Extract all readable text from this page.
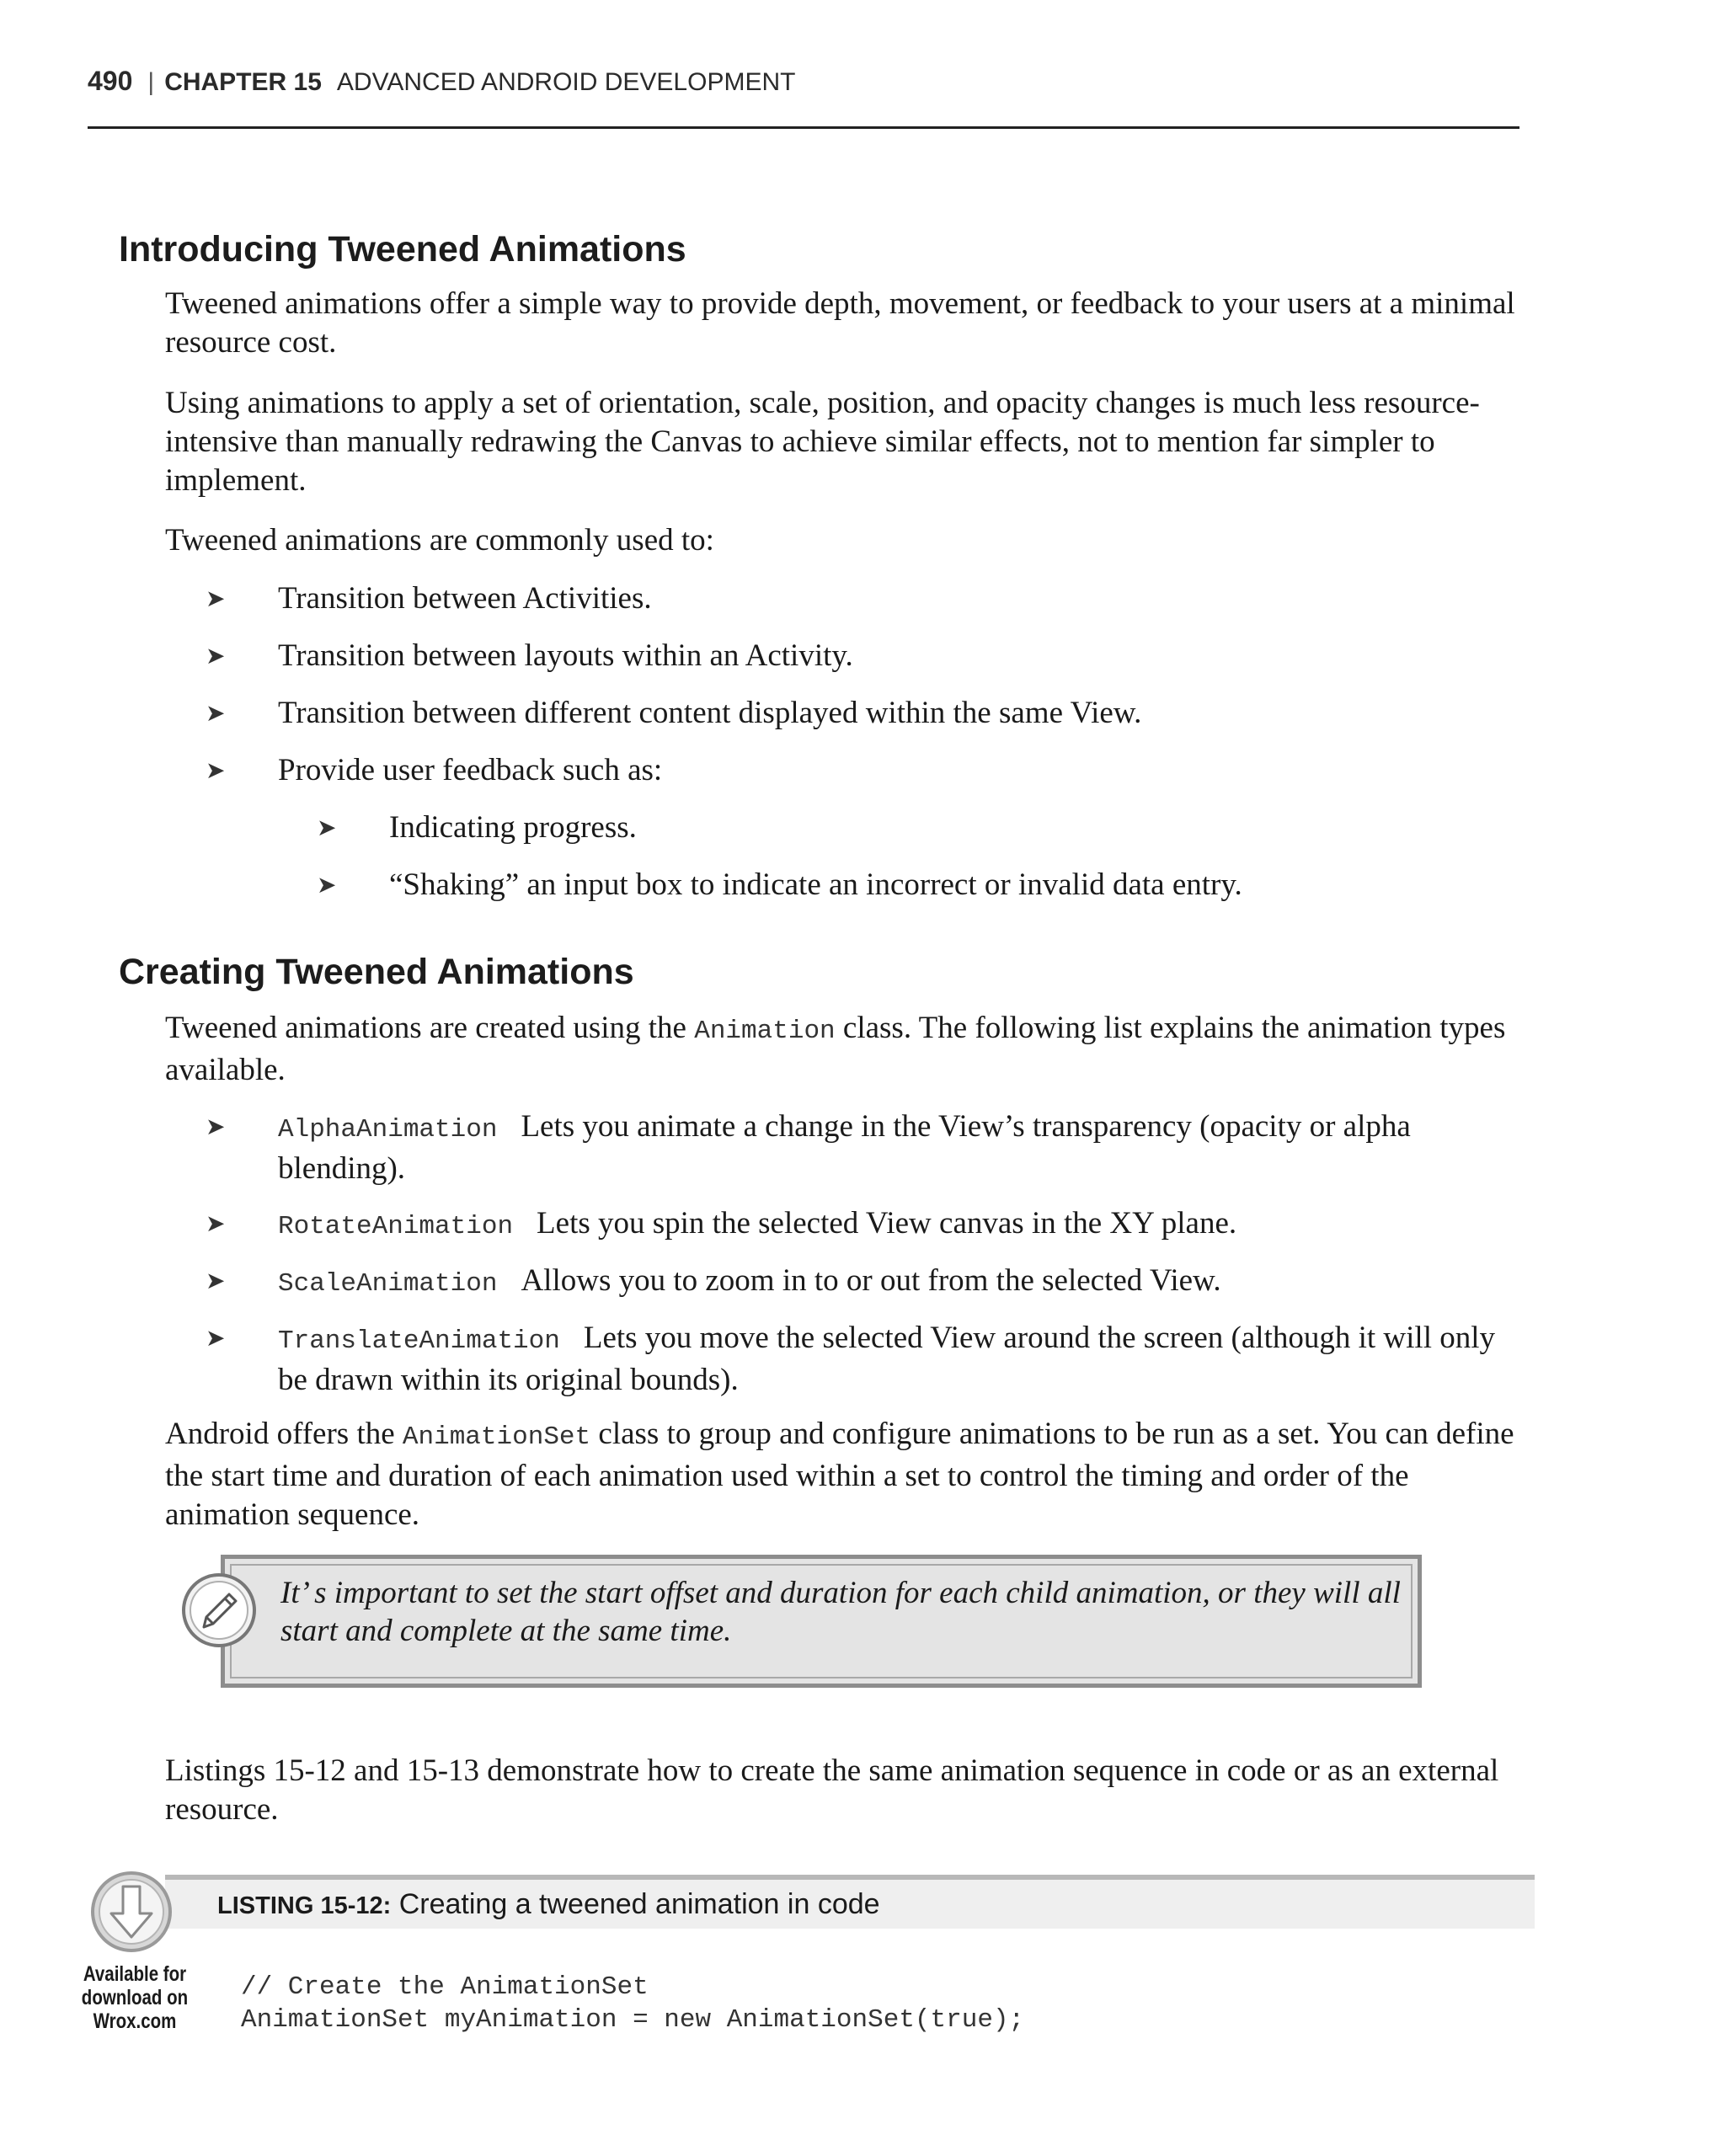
490 | CHAPTER 15 ADVANCED ANDROID DEVELOPMENT
Introducing Tweened Animations

Tweened animations offer a simple way to provide depth, movement, or feedback to your users at a minimal resource cost.

Using animations to apply a set of orientation, scale, position, and opacity changes is much less resource-intensive than manually redrawing the Canvas to achieve similar effects, not to mention far simpler to implement.

Tweened animations are commonly used to:

➤ Transition between Activities.
➤ Transition between layouts within an Activity.
➤ Transition between different content displayed within the same View.
➤ Provide user feedback such as:
➤ Indicating progress.
➤ “Shaking” an input box to indicate an incorrect or invalid data entry.
Creating Tweened Animations

Tweened animations are created using the Animation class. The following list explains the animation types available.

➤ AlphaAnimation Lets you animate a change in the View’s transparency (opacity or alpha blending).
➤ RotateAnimation Lets you spin the selected View canvas in the XY plane.
➤ ScaleAnimation Allows you to zoom in to or out from the selected View.
➤ TranslateAnimation Lets you move the selected View around the screen (although it will only be drawn within its original bounds).

Android offers the AnimationSet class to group and configure animations to be run as a set. You can define the start time and duration of each animation used within a set to control the timing and order of the animation sequence.

It’ s important to set the start offset and duration for each child animation, or they will all start and complete at the same time.

Listings 15-12 and 15-13 demonstrate how to create the same animation sequence in code or as an external resource.

LISTING 15-12: Creating a tweened animation in code
Available for
download on
Wrox.com
// Create the AnimationSet
AnimationSet myAnimation = new AnimationSet(true);
